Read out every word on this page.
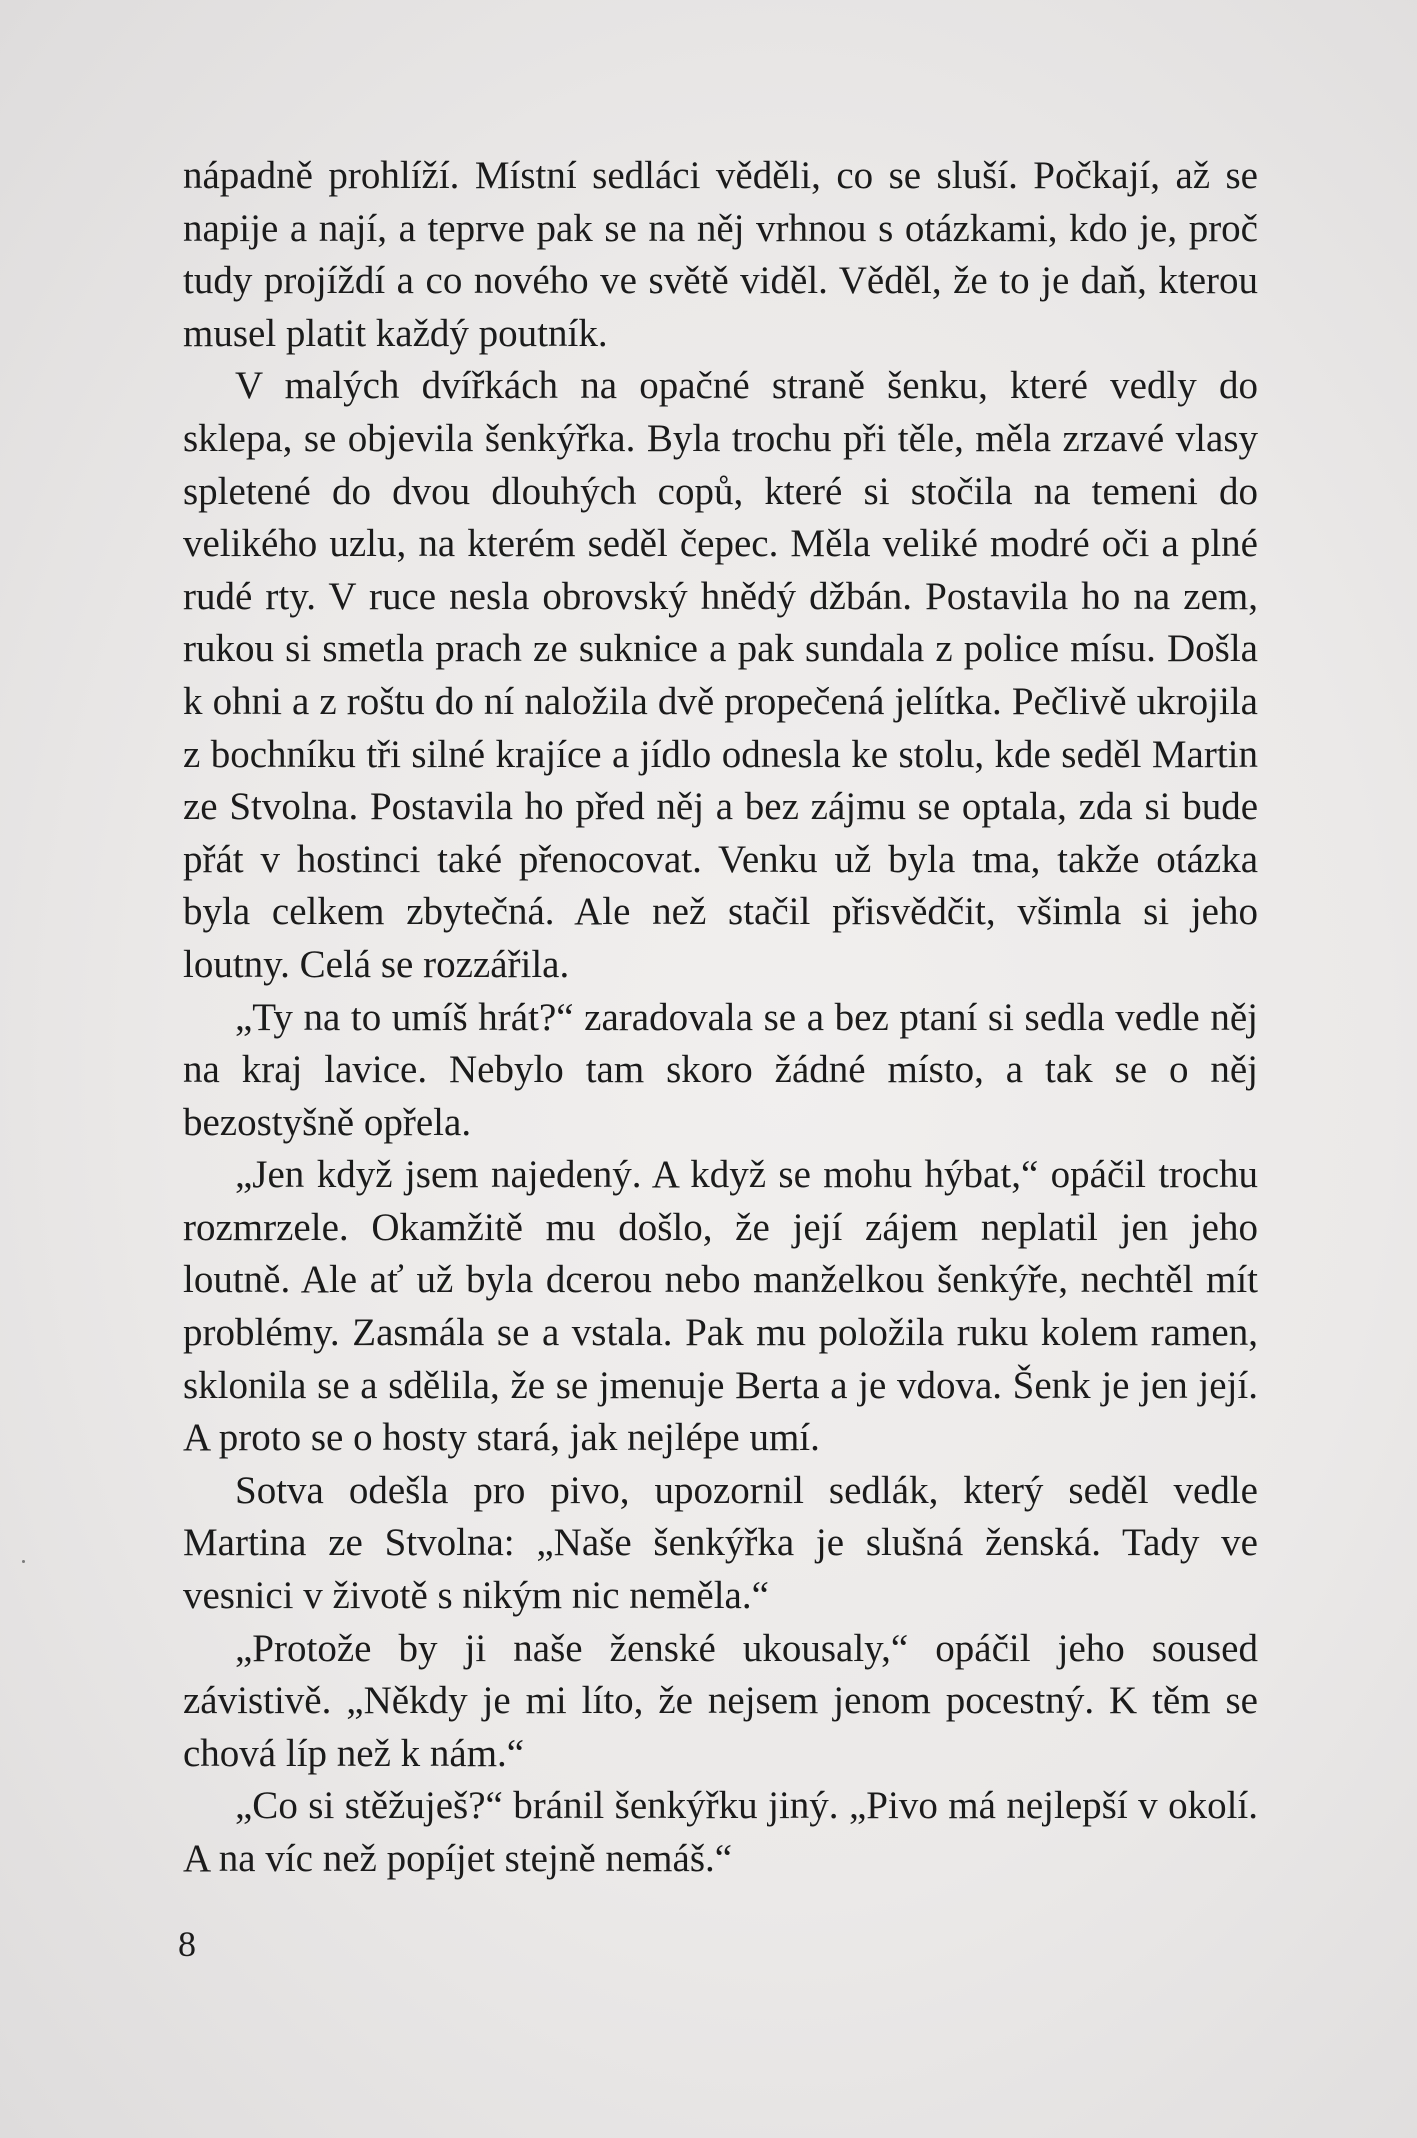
nápadně prohlíží. Místní sedláci věděli, co se sluší. Počkají, až se napije a nají, a teprve pak se na něj vrhnou s otázkami, kdo je, proč tudy projíždí a co nového ve světě viděl. Věděl, že to je daň, kterou musel platit každý poutník.

V malých dvířkách na opačné straně šenku, které vedly do sklepa, se objevila šenkýřka. Byla trochu při těle, měla zrzavé vlasy spletené do dvou dlouhých copů, které si stočila na temeni do velikého uzlu, na kterém seděl čepec. Měla veliké modré oči a plné rudé rty. V ruce nesla obrovský hnědý džbán. Postavila ho na zem, rukou si smetla prach ze suknice a pak sundala z police mísu. Došla k ohni a z roštu do ní naložila dvě propečená jelítka. Pečlivě ukrojila z bochníku tři silné krajíce a jídlo odnesla ke stolu, kde seděl Martin ze Stvolna. Postavila ho před něj a bez zájmu se optala, zda si bude přát v hostinci také přenocovat. Venku už byla tma, takže otázka byla celkem zbytečná. Ale než stačil přisvědčit, všimla si jeho loutny. Celá se rozzářila.

„Ty na to umíš hrát?“ zaradovala se a bez ptaní si sedla vedle něj na kraj lavice. Nebylo tam skoro žádné místo, a tak se o něj bezostyšně opřela.

„Jen když jsem najedený. A když se mohu hýbat,“ opáčil trochu rozmrzele. Okamžitě mu došlo, že její zájem neplatil jen jeho loutně. Ale ať už byla dcerou nebo manželkou šenkýře, nechtěl mít problémy. Zasmála se a vstala. Pak mu položila ruku kolem ramen, sklonila se a sdělila, že se jmenuje Berta a je vdova. Šenk je jen její. A proto se o hosty stará, jak nejlépe umí.

Sotva odešla pro pivo, upozornil sedlák, který seděl vedle Martina ze Stvolna: „Naše šenkýřka je slušná ženská. Tady ve vesnici v životě s nikým nic neměla.“

„Protože by ji naše ženské ukousaly,“ opáčil jeho soused závistivě. „Někdy je mi líto, že nejsem jenom pocestný. K těm se chová líp než k nám.“

„Co si stěžuješ?“ bránil šenkýřku jiný. „Pivo má nejlepší v okolí. A na víc než popíjet stejně nemáš.“

8
